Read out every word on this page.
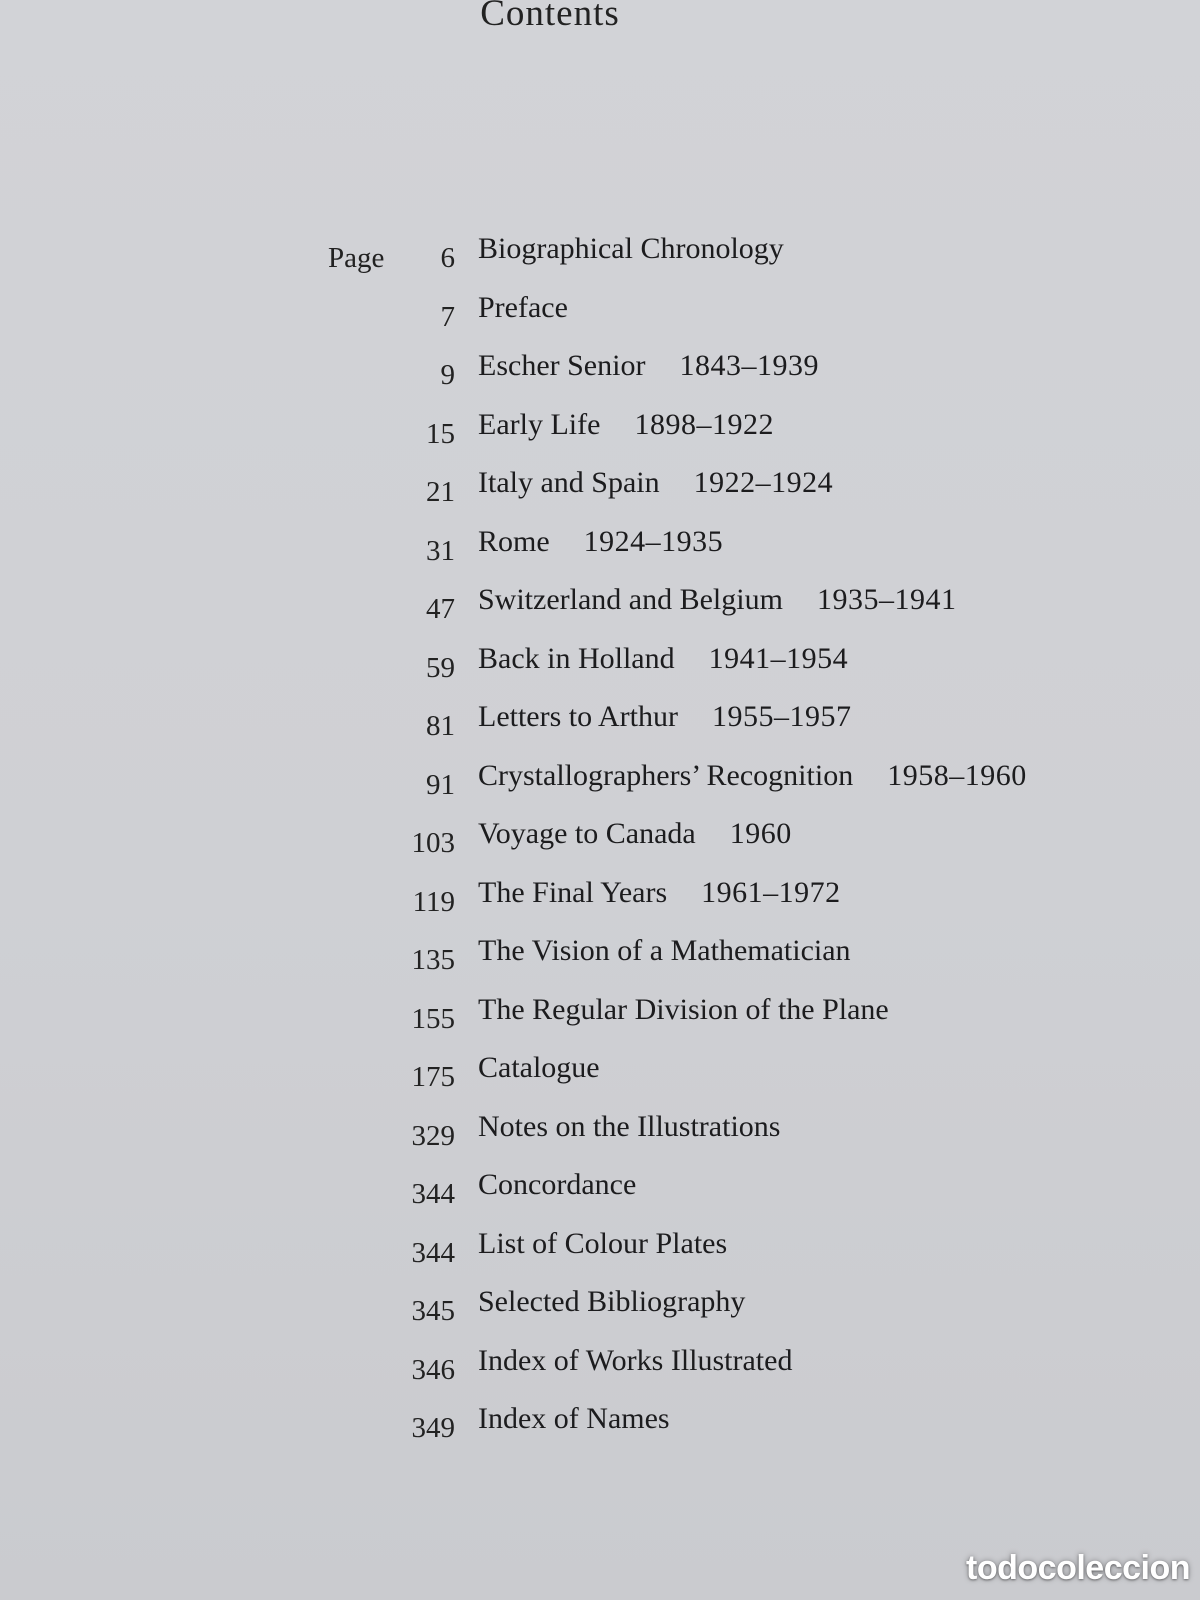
Contents
Page 6 Biographical Chronology
7 Preface
9 Escher Senior 1843–1939
15 Early Life 1898–1922
21 Italy and Spain 1922–1924
31 Rome 1924–1935
47 Switzerland and Belgium 1935–1941
59 Back in Holland 1941–1954
81 Letters to Arthur 1955–1957
91 Crystallographers’ Recognition 1958–1960
103 Voyage to Canada 1960
119 The Final Years 1961–1972
135 The Vision of a Mathematician
155 The Regular Division of the Plane
175 Catalogue
329 Notes on the Illustrations
344 Concordance
344 List of Colour Plates
345 Selected Bibliography
346 Index of Works Illustrated
349 Index of Names
todocoleccion
